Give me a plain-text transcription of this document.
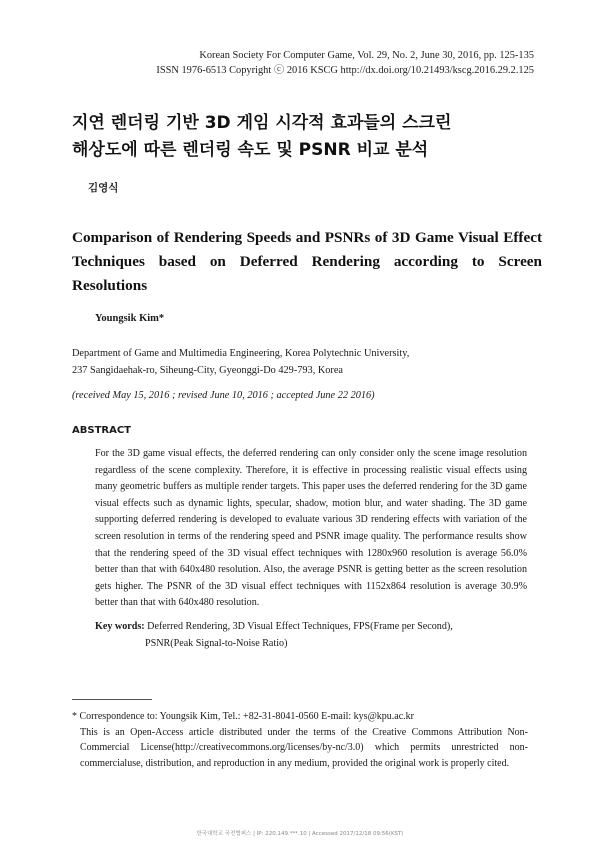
Korean Society For Computer Game, Vol. 29, No. 2, June 30, 2016, pp. 125-135
ISSN 1976-6513 Copyright ⓒ 2016 KSCG http://dx.doi.org/10.21493/kscg.2016.29.2.125
지연 렌더링 기반 3D 게임 시각적 효과들의 스크린
해상도에 따른 렌더링 속도 및 PSNR 비교 분석
김영식
Comparison of Rendering Speeds and PSNRs of 3D Game Visual Effect Techniques based on Deferred Rendering according to Screen Resolutions
Youngsik Kim*
Department of Game and Multimedia Engineering, Korea Polytechnic University,
237 Sangidaehak-ro, Siheung-City, Gyeonggi-Do 429-793, Korea
(received May 15, 2016 ; revised June 10, 2016 ; accepted June 22 2016)
ABSTRACT

For the 3D game visual effects, the deferred rendering can only consider only the scene image resolution regardless of the scene complexity. Therefore, it is effective in processing realistic visual effects using many geometric buffers as multiple render targets. This paper uses the deferred rendering for the 3D game visual effects such as dynamic lights, specular, shadow, motion blur, and water shading. The 3D game supporting deferred rendering is developed to evaluate various 3D rendering effects with variation of the screen resolution in terms of the rendering speed and PSNR image quality. The performance results show that the rendering speed of the 3D visual effect techniques with 1280x960 resolution is average 56.0% better than that with 640x480 resolution. Also, the average PSNR is getting better as the screen resolution gets higher. The PSNR of the 3D visual effect techniques with 1152x864 resolution is average 30.9% better than that with 640x480 resolution.

Key words: Deferred Rendering, 3D Visual Effect Techniques, FPS(Frame per Second),
PSNR(Peak Signal-to-Noise Ratio)
* Correspondence to: Youngsik Kim, Tel.: +82-31-8041-0560 E-mail: kys@kpu.ac.kr
This is an Open-Access article distributed under the terms of the Creative Commons Attribution Non-Commercial License(http://creativecommons.org/licenses/by-nc/3.0) which permits unrestricted non-commercialuse, distribution, and reproduction in any medium, provided the original work is properly cited.
한국대학교 국전협퍼스 | IP: 220.149.***.10 | Accessed 2017/12/18 09:56(KST)
